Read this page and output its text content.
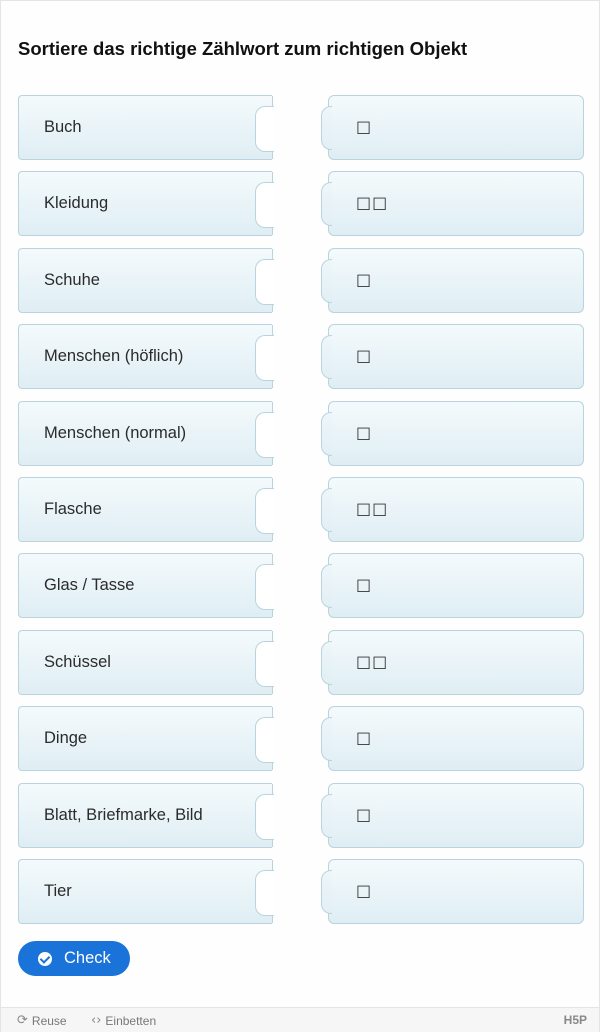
Sortiere das richtige Zählwort zum richtigen Objekt
Buch	□
Kleidung	□□
Schuhe	□
Menschen (höflich)	□
Menschen (normal)	□
Flasche	□□
Glas / Tasse	□
Schüssel	□□
Dinge	□
Blatt, Briefmarke, Bild	□
Tier	□
Check
⟳ Reuse ‹› Einbetten	H5P
